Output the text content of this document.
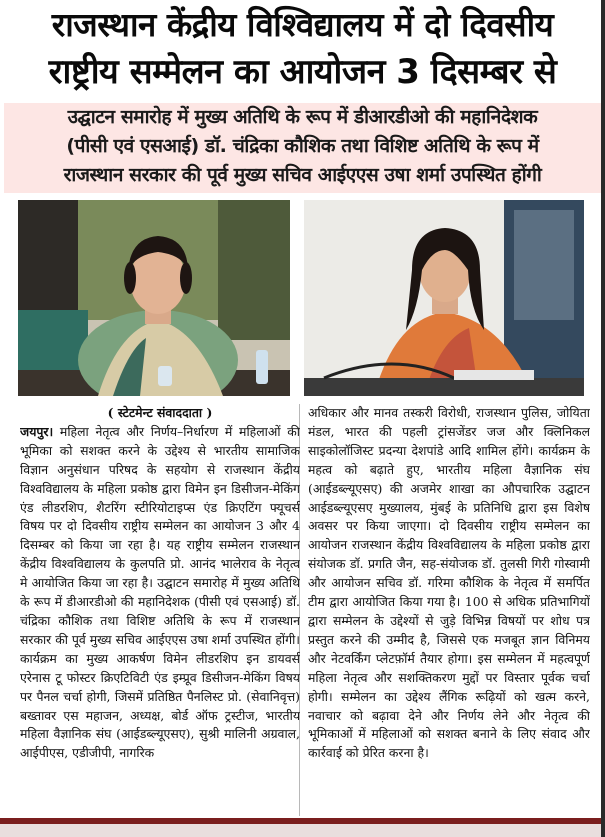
राजस्थान केंद्रीय विश्विद्यालय में दो दिवसीय
राष्ट्रीय सम्मेलन का आयोजन 3 दिसम्बर से
उद्घाटन समारोह में मुख्य अतिथि के रूप में डीआरडीओ की महानिदेशक
(पीसी एवं एसआई) डॉ. चंद्रिका कौशिक तथा विशिष्ट अतिथि के रूप में
राजस्थान सरकार की पूर्व मुख्य सचिव आईएएस उषा शर्मा उपस्थित होंगी

( स्टेटमेन्ट संवाददाता )
जयपुर। महिला नेतृत्व और निर्णय–निर्धारण में महिलाओं की भूमिका को सशक्त करने के उद्देश्य से भारतीय सामाजिक विज्ञान अनुसंधान परिषद के सहयोग से राजस्थान केंद्रीय विश्वविद्यालय के महिला प्रकोष्ठ द्वारा विमेन इन डिसीजन-मेकिंग एंड लीडरशिप, शैटरिंग स्टीरियोटाइप्स एंड क्रिएटिंग फ्यूचर्स विषय पर दो दिवसीय राष्ट्रीय सम्मेलन का आयोजन 3 और 4 दिसम्बर को किया जा रहा है। यह राष्ट्रीय सम्मेलन राजस्थान केंद्रीय विश्वविद्यालय के कुलपति प्रो. आनंद भालेराव के नेतृत्व मे आयोजित किया जा रहा है। उद्घाटन समारोह में मुख्य अतिथि के रूप में डीआरडीओ की महानिदेशक (पीसी एवं एसआई) डॉ. चंद्रिका कौशिक तथा विशिष्ट अतिथि के रूप में राजस्थान सरकार की पूर्व मुख्य सचिव आईएएस उषा शर्मा उपस्थित होंगी। कार्यक्रम का मुख्य आकर्षण विमेन लीडरशिप इन डायवर्स एरेनास टू फोस्टर क्रिएटिविटी एंड इम्प्रूव डिसीजन-मेकिंग विषय पर पैनल चर्चा होगी, जिसमें प्रतिष्ठित पैनलिस्ट प्रो. (सेवानिवृत्त) बख्तावर एस महाजन, अध्यक्ष, बोर्ड ऑफ ट्रस्टीज, भारतीय महिला वैज्ञानिक संघ (आईडब्ल्यूएसए), सुश्री मालिनी अग्रवाल, आईपीएस, एडीजीपी, नागरिक

अधिकार और मानव तस्करी विरोधी, राजस्थान पुलिस, जोयिता मंडल, भारत की पहली ट्रांसजेंडर जज और क्लिनिकल साइकोलॉजिस्ट प्रदन्या देशपांडे आदि शामिल होंगे। कार्यक्रम के महत्व को बढ़ाते हुए, भारतीय महिला वैज्ञानिक संघ (आईडब्ल्यूएसए) की अजमेर शाखा का औपचारिक उद्घाटन आईडब्ल्यूएसए मुख्यालय, मुंबई के प्रतिनिधि द्वारा इस विशेष अवसर पर किया जाएगा। दो दिवसीय राष्ट्रीय सम्मेलन का आयोजन राजस्थान केंद्रीय विश्वविद्यालय के महिला प्रकोष्ठ द्वारा संयोजक डॉ. प्रगति जैन, सह-संयोजक डॉ. तुलसी गिरी गोस्वामी और आयोजन सचिव डॉ. गरिमा कौशिक के नेतृत्व में समर्पित टीम द्वारा आयोजित किया गया है। 100 से अधिक प्रतिभागियों द्वारा सम्मेलन के उद्देश्यों से जुड़े विभिन्न विषयों पर शोध पत्र प्रस्तुत करने की उम्मीद है, जिससे एक मजबूत ज्ञान विनिमय और नेटवर्किंग प्लेटफ़ॉर्म तैयार होगा। इस सम्मेलन में महत्वपूर्ण महिला नेतृत्व और सशक्तिकरण मुद्दों पर विस्तार पूर्वक चर्चा होगी। सम्मेलन का उद्देश्य लैंगिक रूढ़ियों को खत्म करने, नवाचार को बढ़ावा देने और निर्णय लेने और नेतृत्व की भूमिकाओं में महिलाओं को सशक्त बनाने के लिए संवाद और कार्रवाई को प्रेरित करना है।
